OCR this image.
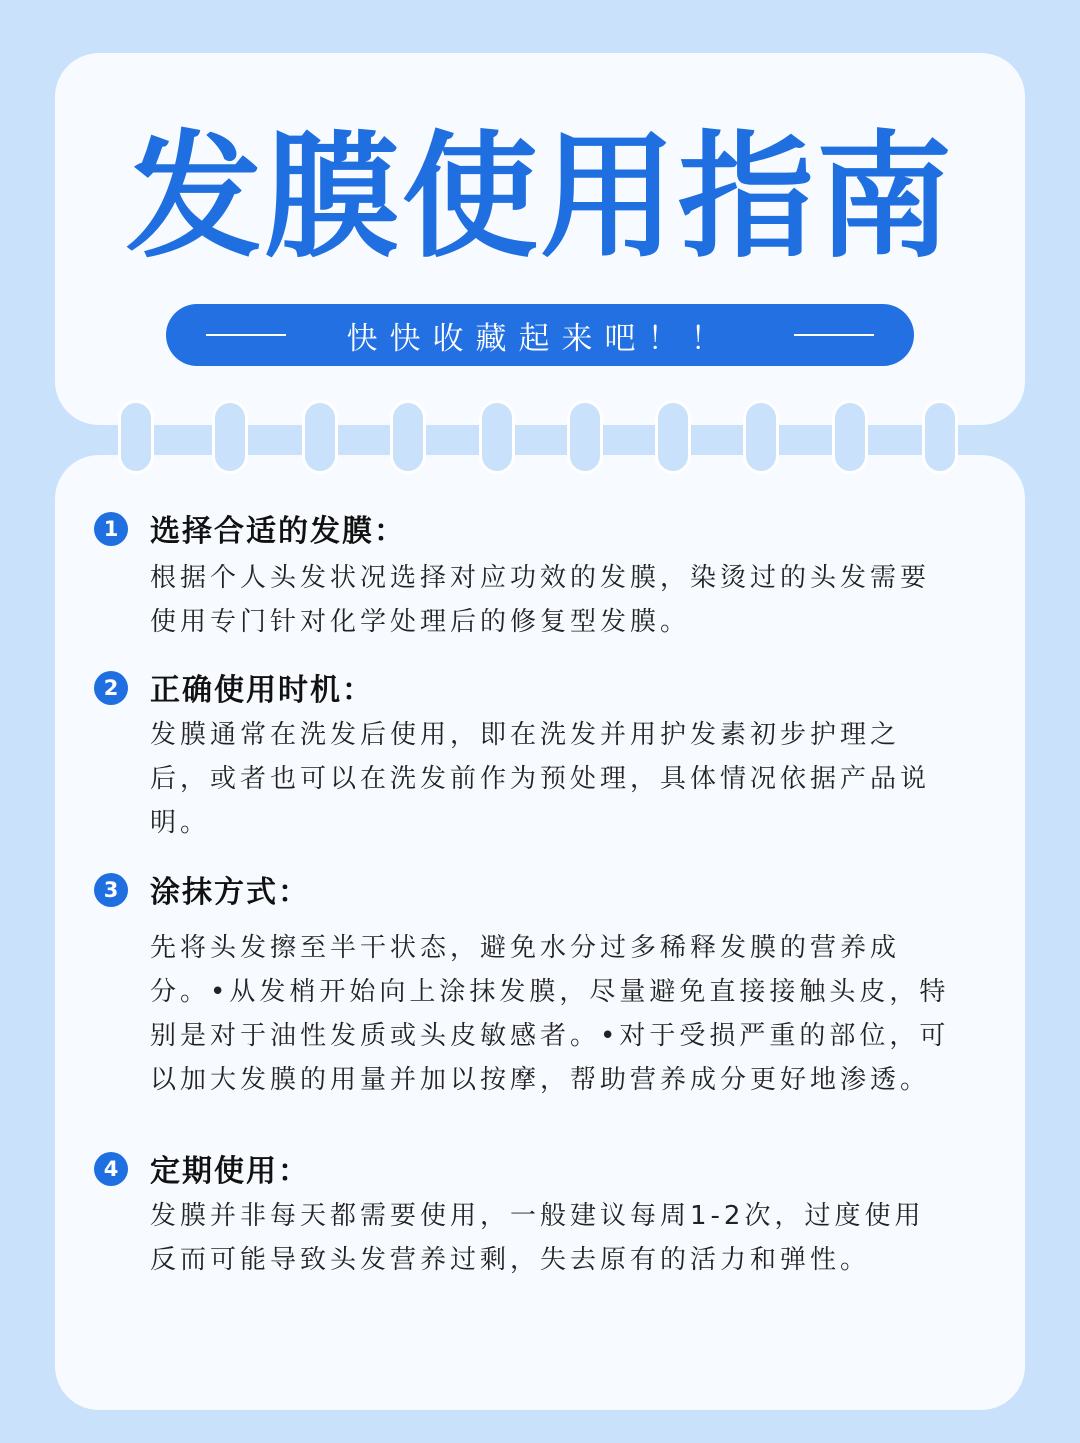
发膜使用指南
快快收藏起来吧！！
1	选择合适的发膜：
根据个人头发状况选择对应功效的发膜，染烫过的头发需要
使用专门针对化学处理后的修复型发膜。
2	正确使用时机：
发膜通常在洗发后使用，即在洗发并用护发素初步护理之
后，或者也可以在洗发前作为预处理，具体情况依据产品说
明。
3	涂抹方式：
先将头发擦至半干状态，避免水分过多稀释发膜的营养成
分。•从发梢开始向上涂抹发膜，尽量避免直接接触头皮，特
别是对于油性发质或头皮敏感者。•对于受损严重的部位，可
以加大发膜的用量并加以按摩，帮助营养成分更好地渗透。
4	定期使用：
发膜并非每天都需要使用，一般建议每周1-2次，过度使用
反而可能导致头发营养过剩，失去原有的活力和弹性。
